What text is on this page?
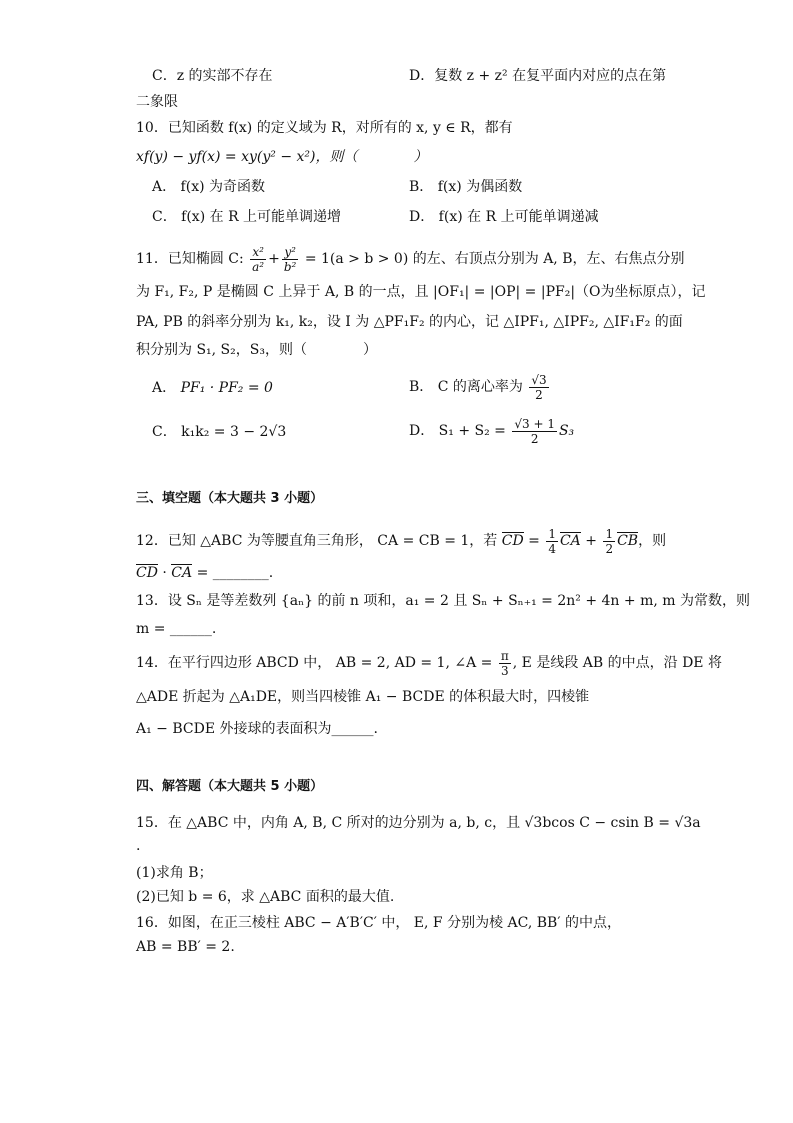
C．z 的实部不存在	D．复数 z + z² 在复平面内对应的点在第
二象限
10．已知函数 f(x) 的定义域为 R，对所有的 x, y ∈ R，都有
xf(y) − yf(x) = xy(y² − x²)，则（　　　　）
A． f(x) 为奇函数	B． f(x) 为偶函数
C． f(x) 在 R 上可能单调递增	D． f(x) 在 R 上可能单调递减
11．已知椭圆 C: $\frac{\text{x²}}{\text{a²}} + \frac{\text{y²}}{\text{b²}} = 1(a > b > 0)$ 的左、右顶点分别为 A, B，左、右焦点分别
为 F₁, F₂, P 是椭圆 C 上异于 A, B 的一点，且 |OF₁| = |OP| = |PF₂|（O为坐标原点），记
PA, PB 的斜率分别为 k₁, k₂，设 I 为 △PF₁F₂ 的内心，记 △IPF₁, △IPF₂, △IF₁F₂ 的面
积分别为 S₁, S₂，S₃，则（　　　　）
A． PF₁ · PF₂ = 0	B． C 的离心率为 $\frac{√3}{2}$
C． k₁k₂ = 3 − 2√3	D． $S_1 + S_2 = \frac{√3 + 1}{2} S_3$
三、填空题（本大题共 3 小题）
12．已知 △ABC 为等腰直角三角形， CA = CB = 1，若 CD = $\frac{1}{4}$ CA + $\frac{1}{2}$ CB，则
CD · CA = ________.
13．设 Sₙ 是等差数列 {aₙ} 的前 n 项和，a₁ = 2 且 Sₙ + Sₙ₊₁ = 2n² + 4n + m, m 为常数，则
m = ______.
14．在平行四边形 ABCD 中， AB = 2, AD = 1, ∠A = $\frac{\pi}{3}$ , E 是线段 AB 的中点，沿 DE 将
△ADE 折起为 △A₁DE，则当四棱锥 A₁ − BCDE 的体积最大时，四棱锥
A₁ − BCDE 外接球的表面积为______.
四、解答题（本大题共 5 小题）
15．在 △ABC 中，内角 A, B, C 所对的边分别为 a, b, c，且 √3bcos C − csin B = √3a
.
(1)求角 B；
(2)已知 b = 6，求 △ABC 面积的最大值.
16．如图，在正三棱柱 ABC − A′B′C′ 中， E, F 分别为棱 AC, BB′ 的中点，
AB = BB′ = 2.
